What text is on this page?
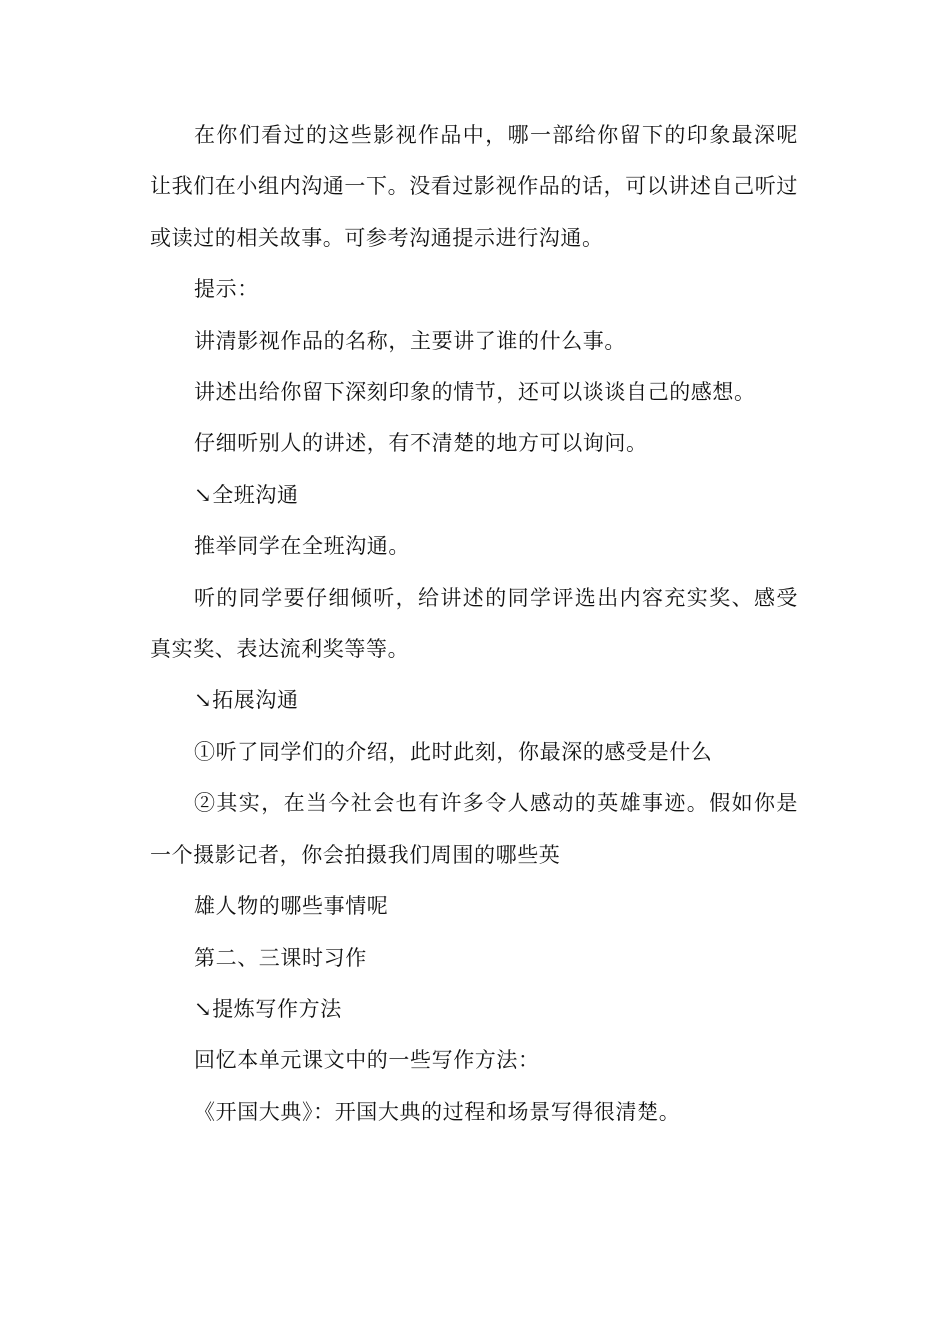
在你们看过的这些影视作品中，哪一部给你留下的印象最深呢让我们在小组内沟通一下。没看过影视作品的话，可以讲述自己听过或读过的相关故事。可参考沟通提示进行沟通。

提示：

讲清影视作品的名称，主要讲了谁的什么事。

讲述出给你留下深刻印象的情节，还可以谈谈自己的感想。

仔细听别人的讲述，有不清楚的地方可以询问。

↘全班沟通

推举同学在全班沟通。

听的同学要仔细倾听，给讲述的同学评选出内容充实奖、感受真实奖、表达流利奖等等。

↘拓展沟通

①听了同学们的介绍，此时此刻，你最深的感受是什么

②其实，在当今社会也有许多令人感动的英雄事迹。假如你是一个摄影记者，你会拍摄我们周围的哪些英

雄人物的哪些事情呢

第二、三课时习作

↘提炼写作方法

回忆本单元课文中的一些写作方法：

《开国大典》：开国大典的过程和场景写得很清楚。
